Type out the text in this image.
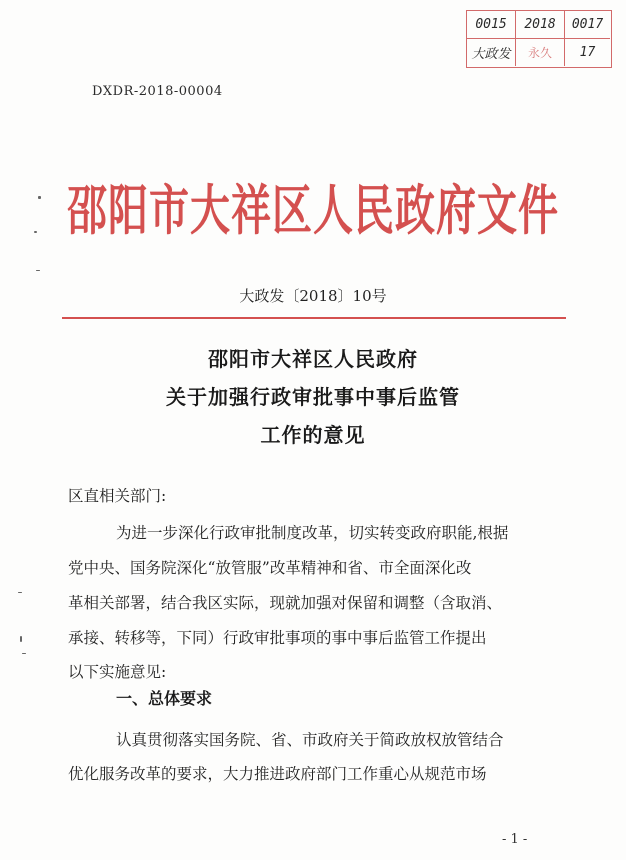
0015	2018	0017
大政发	永久	17
DXDR-2018-00004
邵阳市大祥区人民政府文件
大政发〔2018〕10号
邵阳市大祥区人民政府
关于加强行政审批事中事后监管
工作的意见
区直相关部门:
为进一步深化行政审批制度改革，切实转变政府职能,根据
党中央、国务院深化“放管服”改革精神和省、市全面深化改
革相关部署，结合我区实际，现就加强对保留和调整（含取消、
承接、转移等，下同）行政审批事项的事中事后监管工作提出
以下实施意见:
一、总体要求
认真贯彻落实国务院、省、市政府关于简政放权放管结合
优化服务改革的要求，大力推进政府部门工作重心从规范市场
- 1 -
